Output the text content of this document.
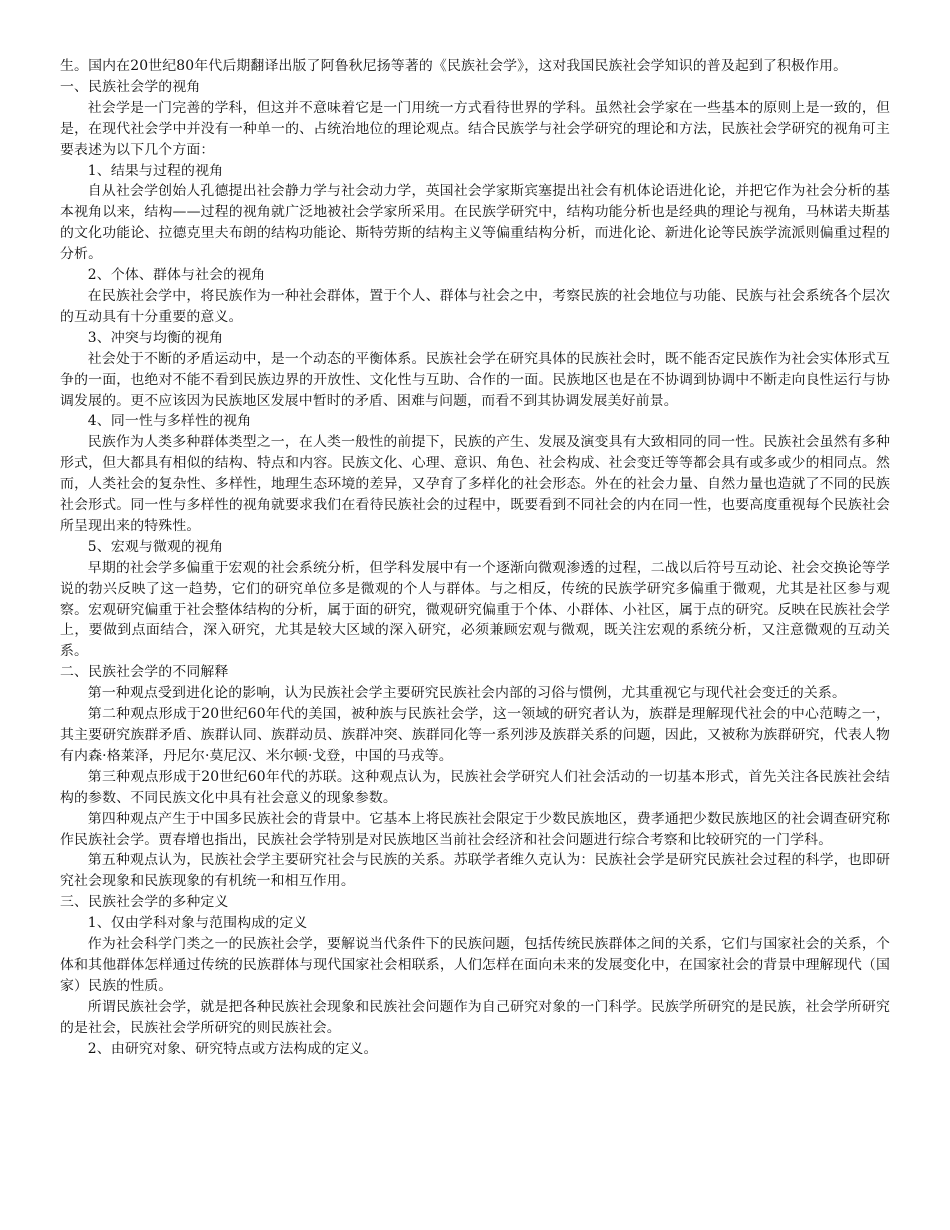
生。国内在20世纪80年代后期翻译出版了阿鲁秋尼扬等著的《民族社会学》，这对我国民族社会学知识的普及起到了积极作用。

一、民族社会学的视角

社会学是一门完善的学科，但这并不意味着它是一门用统一方式看待世界的学科。虽然社会学家在一些基本的原则上是一致的，但是，在现代社会学中并没有一种单一的、占统治地位的理论观点。结合民族学与社会学研究的理论和方法，民族社会学研究的视角可主要表述为以下几个方面：

1、结果与过程的视角

自从社会学创始人孔德提出社会静力学与社会动力学，英国社会学家斯宾塞提出社会有机体论语进化论，并把它作为社会分析的基本视角以来，结构——过程的视角就广泛地被社会学家所采用。在民族学研究中，结构功能分析也是经典的理论与视角，马林诺夫斯基的文化功能论、拉德克里夫布朗的结构功能论、斯特劳斯的结构主义等偏重结构分析，而进化论、新进化论等民族学流派则偏重过程的分析。

2、个体、群体与社会的视角

在民族社会学中，将民族作为一种社会群体，置于个人、群体与社会之中，考察民族的社会地位与功能、民族与社会系统各个层次的互动具有十分重要的意义。

3、冲突与均衡的视角

社会处于不断的矛盾运动中，是一个动态的平衡体系。民族社会学在研究具体的民族社会时，既不能否定民族作为社会实体形式互争的一面，也绝对不能不看到民族边界的开放性、文化性与互助、合作的一面。民族地区也是在不协调到协调中不断走向良性运行与协调发展的。更不应该因为民族地区发展中暂时的矛盾、困难与问题，而看不到其协调发展美好前景。

4、同一性与多样性的视角

民族作为人类多种群体类型之一，在人类一般性的前提下，民族的产生、发展及演变具有大致相同的同一性。民族社会虽然有多种形式，但大都具有相似的结构、特点和内容。民族文化、心理、意识、角色、社会构成、社会变迁等等都会具有或多或少的相同点。然而，人类社会的复杂性、多样性，地理生态环境的差异，又孕育了多样化的社会形态。外在的社会力量、自然力量也造就了不同的民族社会形式。同一性与多样性的视角就要求我们在看待民族社会的过程中，既要看到不同社会的内在同一性，也要高度重视每个民族社会所呈现出来的特殊性。

5、宏观与微观的视角

早期的社会学多偏重于宏观的社会系统分析，但学科发展中有一个逐渐向微观渗透的过程，二战以后符号互动论、社会交换论等学说的勃兴反映了这一趋势，它们的研究单位多是微观的个人与群体。与之相反，传统的民族学研究多偏重于微观，尤其是社区参与观察。宏观研究偏重于社会整体结构的分析，属于面的研究，微观研究偏重于个体、小群体、小社区，属于点的研究。反映在民族社会学上，要做到点面结合，深入研究，尤其是较大区域的深入研究，必须兼顾宏观与微观，既关注宏观的系统分析，又注意微观的互动关系。

二、民族社会学的不同解释

第一种观点受到进化论的影响，认为民族社会学主要研究民族社会内部的习俗与惯例，尤其重视它与现代社会变迁的关系。

第二种观点形成于20世纪60年代的美国，被种族与民族社会学，这一领域的研究者认为，族群是理解现代社会的中心范畴之一，其主要研究族群矛盾、族群认同、族群动员、族群冲突、族群同化等一系列涉及族群关系的问题，因此，又被称为族群研究，代表人物有内森·格莱泽，丹尼尔·莫尼汉、米尔顿·戈登，中国的马戎等。

第三种观点形成于20世纪60年代的苏联。这种观点认为，民族社会学研究人们社会活动的一切基本形式，首先关注各民族社会结构的参数、不同民族文化中具有社会意义的现象参数。

第四种观点产生于中国多民族社会的背景中。它基本上将民族社会限定于少数民族地区，费孝通把少数民族地区的社会调查研究称作民族社会学。贾春增也指出，民族社会学特别是对民族地区当前社会经济和社会问题进行综合考察和比较研究的一门学科。

第五种观点认为，民族社会学主要研究社会与民族的关系。苏联学者维久克认为：民族社会学是研究民族社会过程的科学，也即研究社会现象和民族现象的有机统一和相互作用。

三、民族社会学的多种定义

1、仅由学科对象与范围构成的定义

作为社会科学门类之一的民族社会学，要解说当代条件下的民族问题，包括传统民族群体之间的关系，它们与国家社会的关系，个体和其他群体怎样通过传统的民族群体与现代国家社会相联系，人们怎样在面向未来的发展变化中，在国家社会的背景中理解现代（国家）民族的性质。

所谓民族社会学，就是把各种民族社会现象和民族社会问题作为自己研究对象的一门科学。民族学所研究的是民族，社会学所研究的是社会，民族社会学所研究的则民族社会。

2、由研究对象、研究特点或方法构成的定义。
